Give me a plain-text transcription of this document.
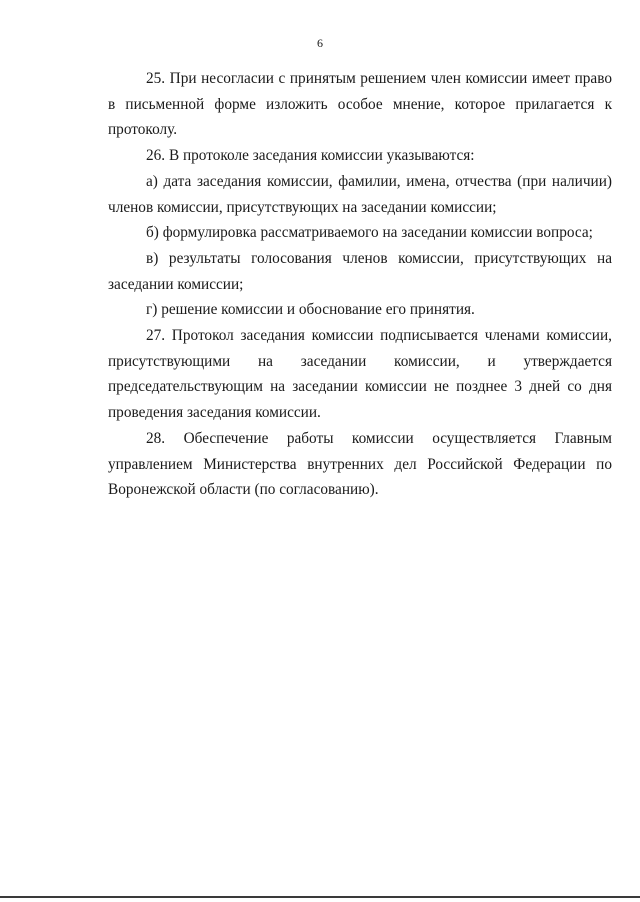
6

25. При несогласии с принятым решением член комиссии имеет право в письменной форме изложить особое мнение, которое прилагается к протоколу.

26. В протоколе заседания комиссии указываются:

а) дата заседания комиссии, фамилии, имена, отчества (при наличии) членов комиссии, присутствующих на заседании комиссии;

б) формулировка рассматриваемого на заседании комиссии вопроса;

в) результаты голосования членов комиссии, присутствующих на заседании комиссии;

г) решение комиссии и обоснование его принятия.

27. Протокол заседания комиссии подписывается членами комиссии, присутствующими на заседании комиссии, и утверждается председательствующим на заседании комиссии не позднее 3 дней со дня проведения заседания комиссии.

28. Обеспечение работы комиссии осуществляется Главным управлением Министерства внутренних дел Российской Федерации по Воронежской области (по согласованию).
